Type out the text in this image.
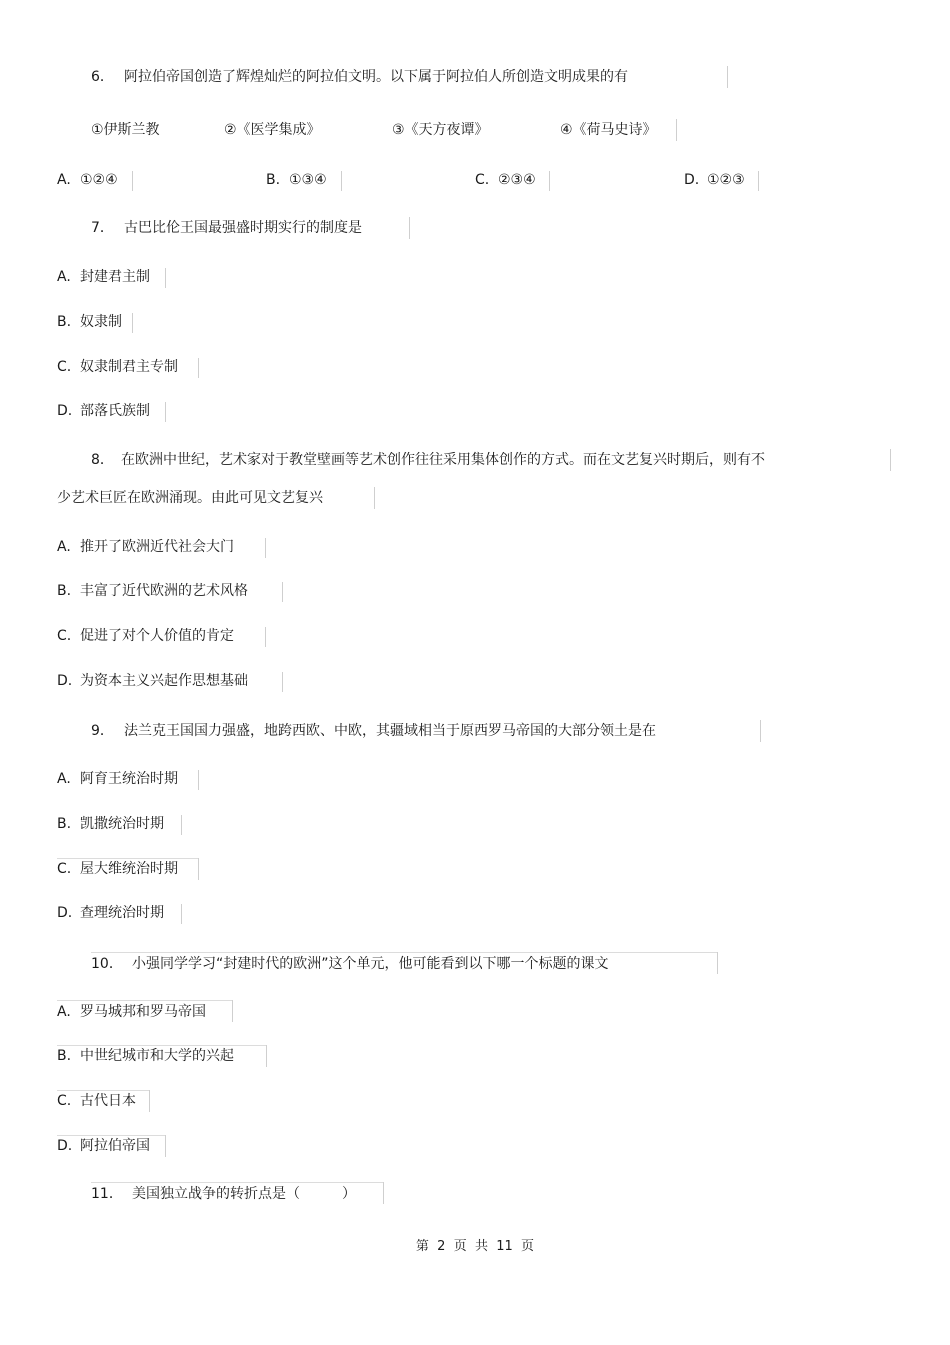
6． 阿拉伯帝国创造了辉煌灿烂的阿拉伯文明。以下属于阿拉伯人所创造文明成果的有
①伊斯兰教	②《医学集成》	③《天方夜谭》	④《荷马史诗》
A. ①②④	B. ①③④	C. ②③④	D. ①②③
7． 古巴比伦王国最强盛时期实行的制度是
A. 封建君主制
B. 奴隶制
C. 奴隶制君主专制
D. 部落氏族制
8． 在欧洲中世纪，艺术家对于教堂壁画等艺术创作往往采用集体创作的方式。而在文艺复兴时期后，则有不
少艺术巨匠在欧洲涌现。由此可见文艺复兴
A. 推开了欧洲近代社会大门
B. 丰富了近代欧洲的艺术风格
C. 促进了对个人价值的肯定
D. 为资本主义兴起作思想基础
9． 法兰克王国国力强盛，地跨西欧、中欧，其疆域相当于原西罗马帝国的大部分领土是在
A. 阿育王统治时期
B. 凯撒统治时期
C. 屋大维统治时期
D. 查理统治时期
10． 小强同学学习“封建时代的欧洲”这个单元，他可能看到以下哪一个标题的课文
A. 罗马城邦和罗马帝国
B. 中世纪城市和大学的兴起
C. 古代日本
D. 阿拉伯帝国
11． 美国独立战争的转折点是（　　　）
第  2  页  共  11  页
